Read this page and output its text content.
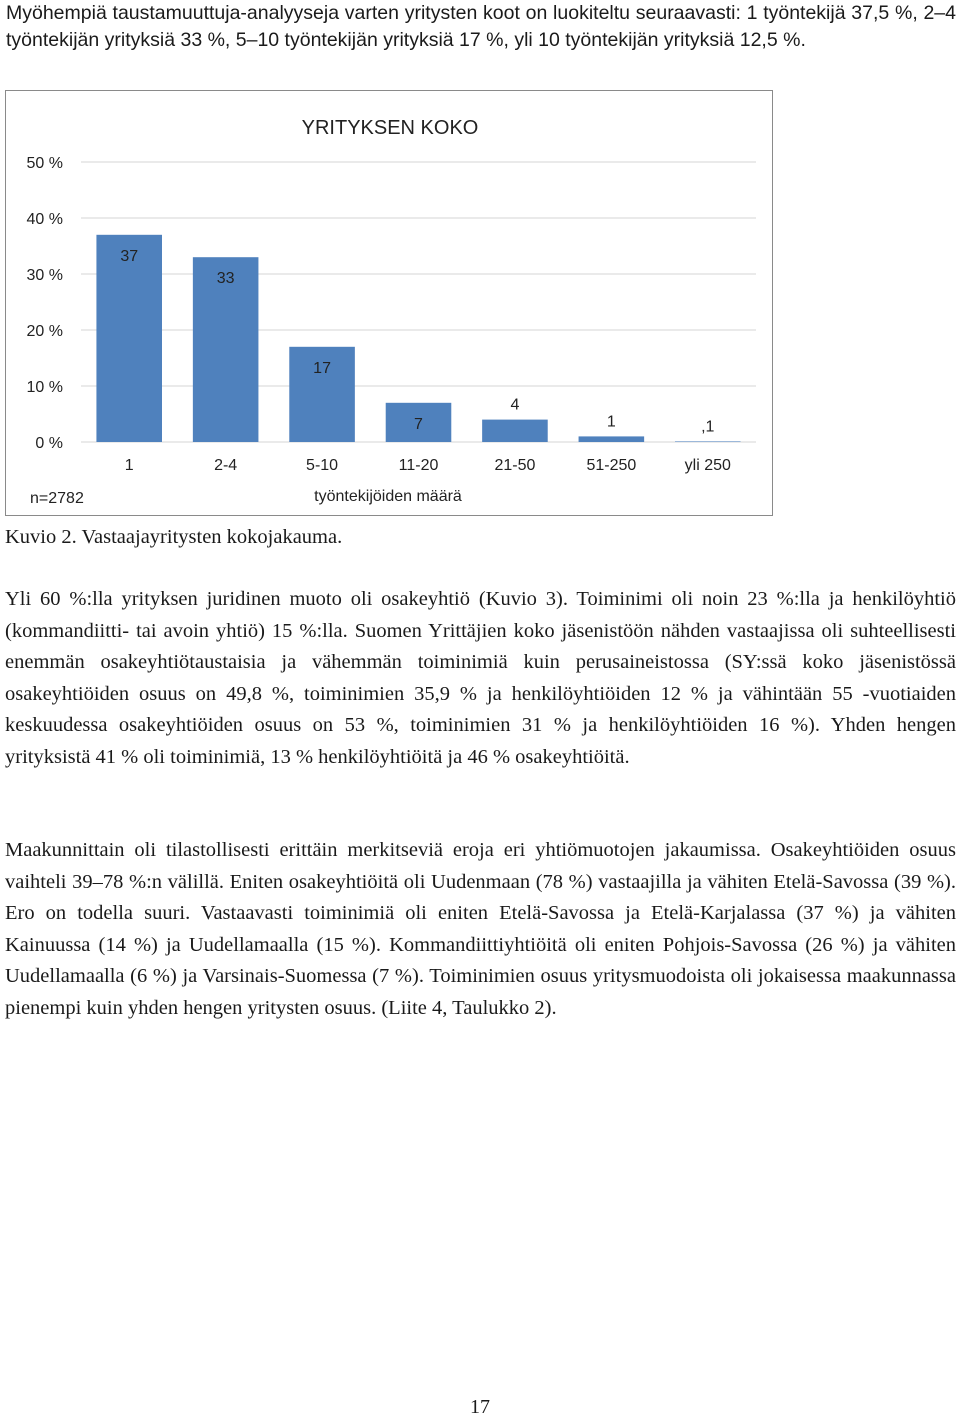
Myöhempiä taustamuuttuja-analyyseja varten yritysten koot on luokiteltu seuraavasti: 1 työntekijä 37,5 %, 2–4 työntekijän yrityksiä 33 %, 5–10 työntekijän yrityksiä 17 %, yli 10 työntekijän yrityksiä 12,5 %.

0 %
10 %
20 %
30 %
40 %
50 %
37
33
17
7
4
1	,1
1	2-4	5-10	11-20	21-50	51-250	yli 250
YRITYKSEN KOKO
työntekijöiden määrä
n=2782

Kuvio 2. Vastaajayritysten kokojakauma.

Yli 60 %:lla yrityksen juridinen muoto oli osakeyhtiö (Kuvio 3). Toiminimi oli noin 23 %:lla ja henkilöyhtiö (kommandiitti- tai avoin yhtiö) 15 %:lla. Suomen Yrittäjien koko jäsenistöön nähden vastaajissa oli suhteellisesti enemmän osakeyhtiötaustaisia ja vähemmän toiminimiä kuin perusaineistossa (SY:ssä koko jäsenistössä osakeyhtiöiden osuus on 49,8 %, toiminimien 35,9 % ja henkilöyhtiöiden 12 % ja vähintään 55 -vuotiaiden keskuudessa osakeyhtiöiden osuus on 53 %, toiminimien 31 % ja henkilöyhtiöiden 16 %). Yhden hengen yrityksistä 41 % oli toiminimiä, 13 % henkilöyhtiöitä ja 46 % osakeyhtiöitä.

Maakunnittain oli tilastollisesti erittäin merkitseviä eroja eri yhtiömuotojen jakaumissa. Osakeyhtiöiden osuus vaihteli 39–78 %:n välillä. Eniten osakeyhtiöitä oli Uudenmaan (78 %) vastaajilla ja vähiten Etelä-Savossa (39 %). Ero on todella suuri. Vastaavasti toiminimiä oli eniten Etelä-Savossa ja Etelä-Karjalassa (37 %) ja vähiten Kainuussa (14 %) ja Uudellamaalla (15 %). Kommandiittiyhtiöitä oli eniten Pohjois-Savossa (26 %) ja vähiten Uudellamaalla (6 %) ja Varsinais-Suomessa (7 %). Toiminimien osuus yritysmuodoista oli jokaisessa maakunnassa pienempi kuin yhden hengen yritysten osuus. (Liite 4, Taulukko 2).

17
